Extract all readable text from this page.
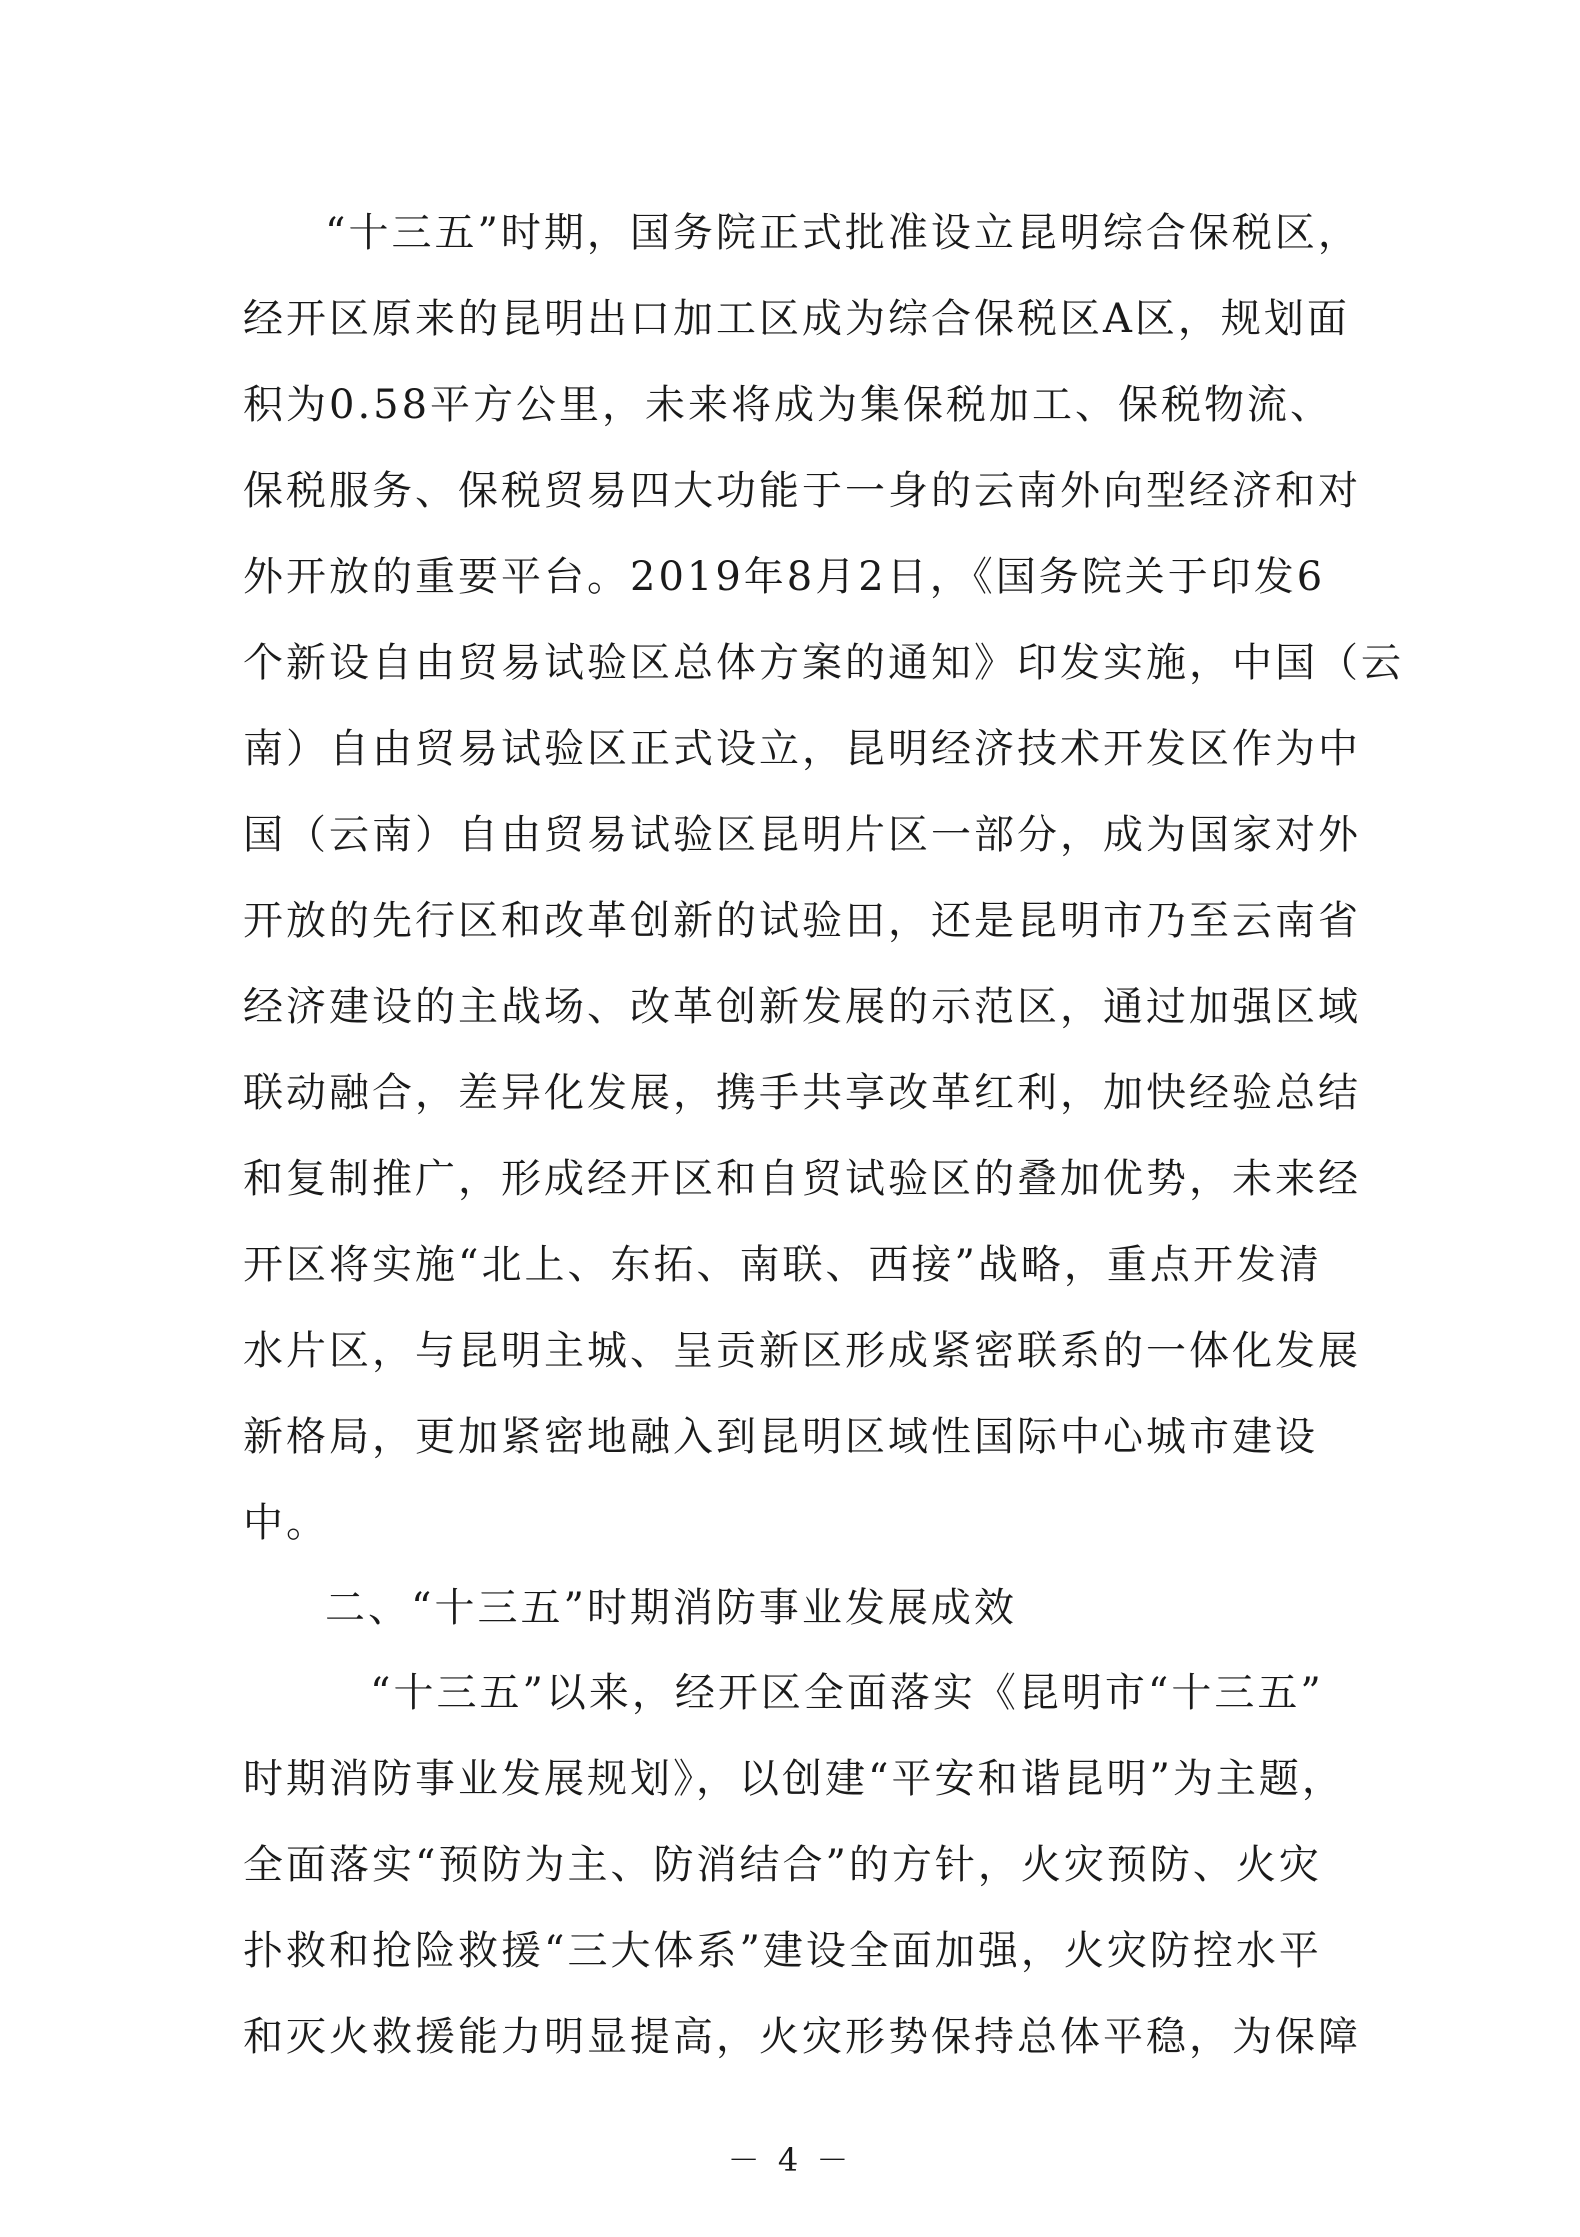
“十三五”时期，国务院正式批准设立昆明综合保税区，
经开区原来的昆明出口加工区成为综合保税区A区，规划面
积为0.58平方公里，未来将成为集保税加工、保税物流、
保税服务、保税贸易四大功能于一身的云南外向型经济和对
外开放的重要平台。2019年8月2日，《国务院关于印发6
个新设自由贸易试验区总体方案的通知》印发实施，中国（云
南）自由贸易试验区正式设立，昆明经济技术开发区作为中
国（云南）自由贸易试验区昆明片区一部分，成为国家对外
开放的先行区和改革创新的试验田，还是昆明市乃至云南省
经济建设的主战场、改革创新发展的示范区，通过加强区域
联动融合，差异化发展，携手共享改革红利，加快经验总结
和复制推广，形成经开区和自贸试验区的叠加优势，未来经
开区将实施“北上、东拓、南联、西接”战略，重点开发清
水片区，与昆明主城、呈贡新区形成紧密联系的一体化发展
新格局，更加紧密地融入到昆明区域性国际中心城市建设
中。
二、“十三五”时期消防事业发展成效
“十三五”以来，经开区全面落实《昆明市“十三五”
时期消防事业发展规划》，以创建“平安和谐昆明”为主题，
全面落实“预防为主、防消结合”的方针，火灾预防、火灾
扑救和抢险救援“三大体系”建设全面加强，火灾防控水平
和灭火救援能力明显提高，火灾形势保持总体平稳，为保障
－ 4 －
